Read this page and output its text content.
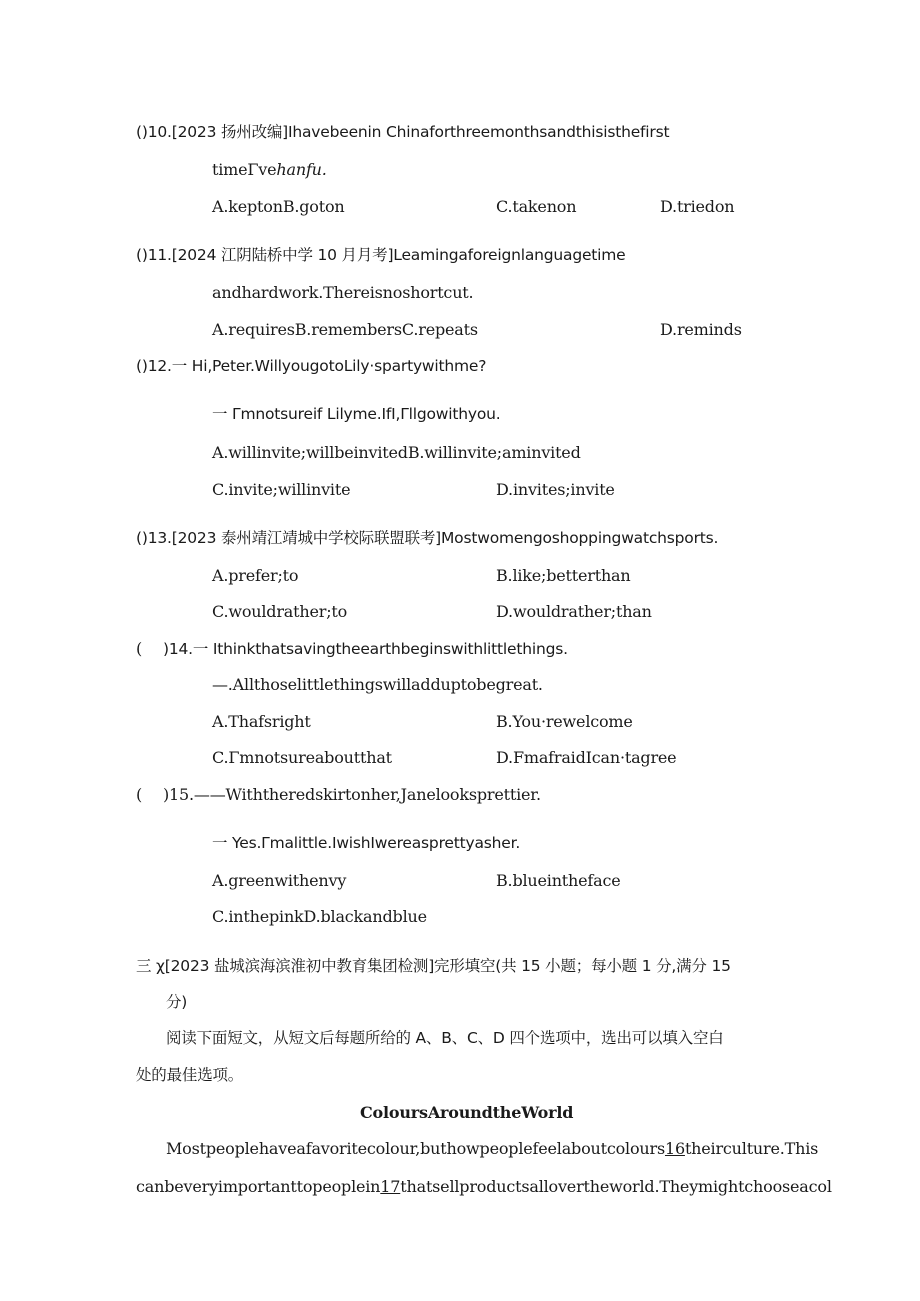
()10.[2023 扬州改编]Ihavebeenin Chinaforthreemonthsandthisisthefirst
timeΓvehanfu.
A.keptonB.goton	C.takenon	D.triedon
()11.[2024 江阴陆桥中学 10 月月考]Leamingaforeignlanguagetime
andhardwork.Thereisnoshortcut.
A.requiresB.remembersC.repeats	D.reminds
()12.一 Hi,Peter.WillyougotoLily·spartywithme?
一 Γmnotsureif Lilyme.IfI,Γllgowithyou.
A.willinvite;willbeinvitedB.willinvite;aminvited
C.invite;willinvite	D.invites;invite
()13.[2023 泰州靖江靖城中学校际联盟联考]Mostwomengoshoppingwatchsports.
A.prefer;to	B.like;betterthan
C.wouldrather;to	D.wouldrather;than
( )14.一 Ithinkthatsavingtheearthbeginswithlittlethings.
—.Allthoselittlethingswilladduptobegreat.
A.Thafsright	B.You·rewelcome
C.Γmnotsureaboutthat	D.FmafraidIcan·tagree
( )15.——Withtheredskirtonher,Janelooksprettier.
一 Yes.Γmalittle.IwishIwereasprettyasher.
A.greenwithenvy	B.blueintheface
C.inthepinkD.blackandblue
三 χ[2023 盐城滨海滨淮初中教育集团检测]完形填空(共 15 小题；每小题 1 分,满分 15
分)
阅读下面短文，从短文后每题所给的 A、B、C、D 四个选项中，选出可以填入空白
处的最佳选项。
ColoursAroundtheWorld
Mostpeoplehaveafavoritecolour,buthowpeoplefeelaboutcolours16theirculture.This
canbeveryimportanttopeoplein17thatsellproductsallovertheworld.Theymightchooseacol
